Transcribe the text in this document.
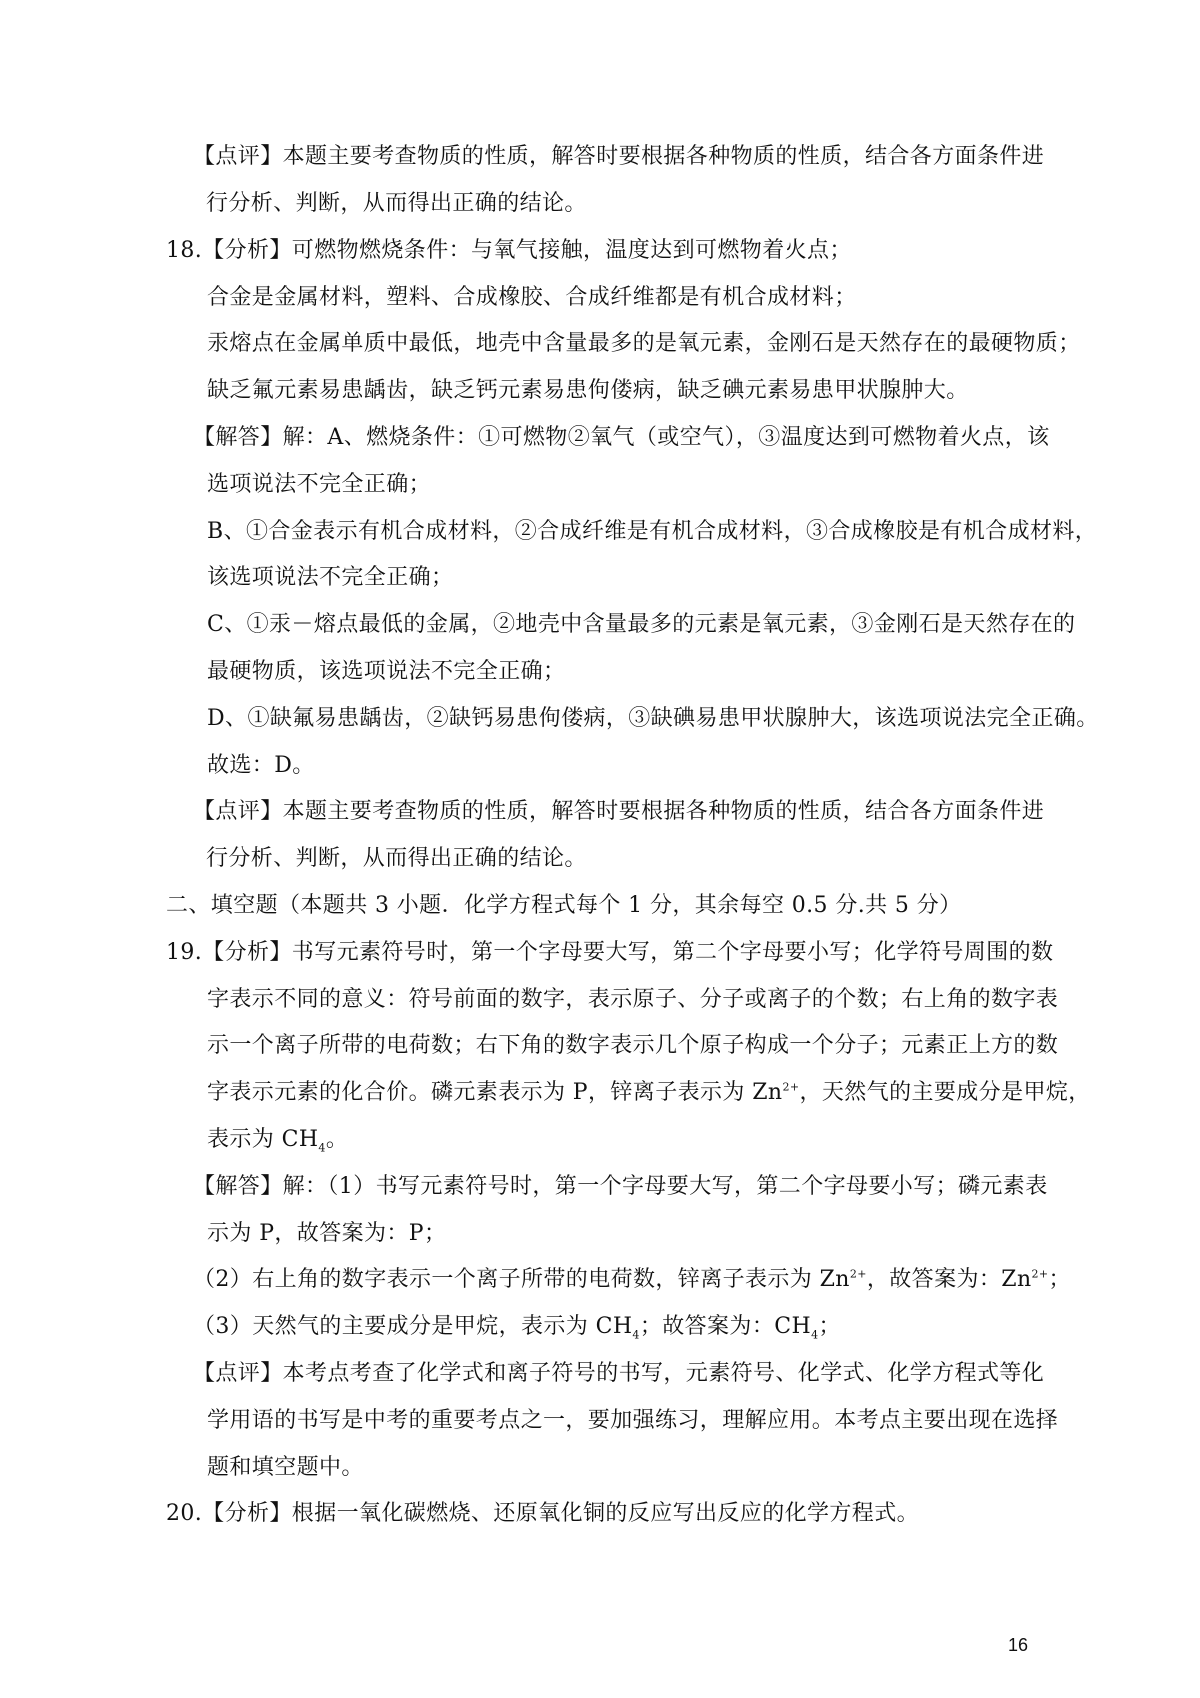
【点评】本题主要考查物质的性质，解答时要根据各种物质的性质，结合各方面条件进
行分析、判断，从而得出正确的结论。
18.【分析】可燃物燃烧条件：与氧气接触，温度达到可燃物着火点；
合金是金属材料，塑料、合成橡胶、合成纤维都是有机合成材料；
汞熔点在金属单质中最低，地壳中含量最多的是氧元素，金刚石是天然存在的最硬物质；
缺乏氟元素易患龋齿，缺乏钙元素易患佝偻病，缺乏碘元素易患甲状腺肿大。
【解答】解：A、燃烧条件：①可燃物②氧气（或空气），③温度达到可燃物着火点，该
选项说法不完全正确；
B、①合金表示有机合成材料，②合成纤维是有机合成材料，③合成橡胶是有机合成材料，
该选项说法不完全正确；
C、①汞－熔点最低的金属，②地壳中含量最多的元素是氧元素，③金刚石是天然存在的
最硬物质，该选项说法不完全正确；
D、①缺氟易患龋齿，②缺钙易患佝偻病，③缺碘易患甲状腺肿大，该选项说法完全正确。
故选：D。
【点评】本题主要考查物质的性质，解答时要根据各种物质的性质，结合各方面条件进
行分析、判断，从而得出正确的结论。
二、填空题（本题共 3 小题．化学方程式每个 1 分，其余每空 0.5 分.共 5 分）
19.【分析】书写元素符号时，第一个字母要大写，第二个字母要小写；化学符号周围的数
字表示不同的意义：符号前面的数字，表示原子、分子或离子的个数；右上角的数字表
示一个离子所带的电荷数；右下角的数字表示几个原子构成一个分子；元素正上方的数
字表示元素的化合价。磷元素表示为 P，锌离子表示为 $Zn^{2+}$，天然气的主要成分是甲烷，
表示为 $CH_4$。
【解答】解：（1）书写元素符号时，第一个字母要大写，第二个字母要小写；磷元素表
示为 P，故答案为：P；
（2）右上角的数字表示一个离子所带的电荷数，锌离子表示为 $Zn^{2+}$，故答案为：$Zn^{2+}$；
（3）天然气的主要成分是甲烷，表示为 $CH_4$；故答案为：$CH_4$；
【点评】本考点考查了化学式和离子符号的书写，元素符号、化学式、化学方程式等化
学用语的书写是中考的重要考点之一，要加强练习，理解应用。本考点主要出现在选择
题和填空题中。
20.【分析】根据一氧化碳燃烧、还原氧化铜的反应写出反应的化学方程式。
16
